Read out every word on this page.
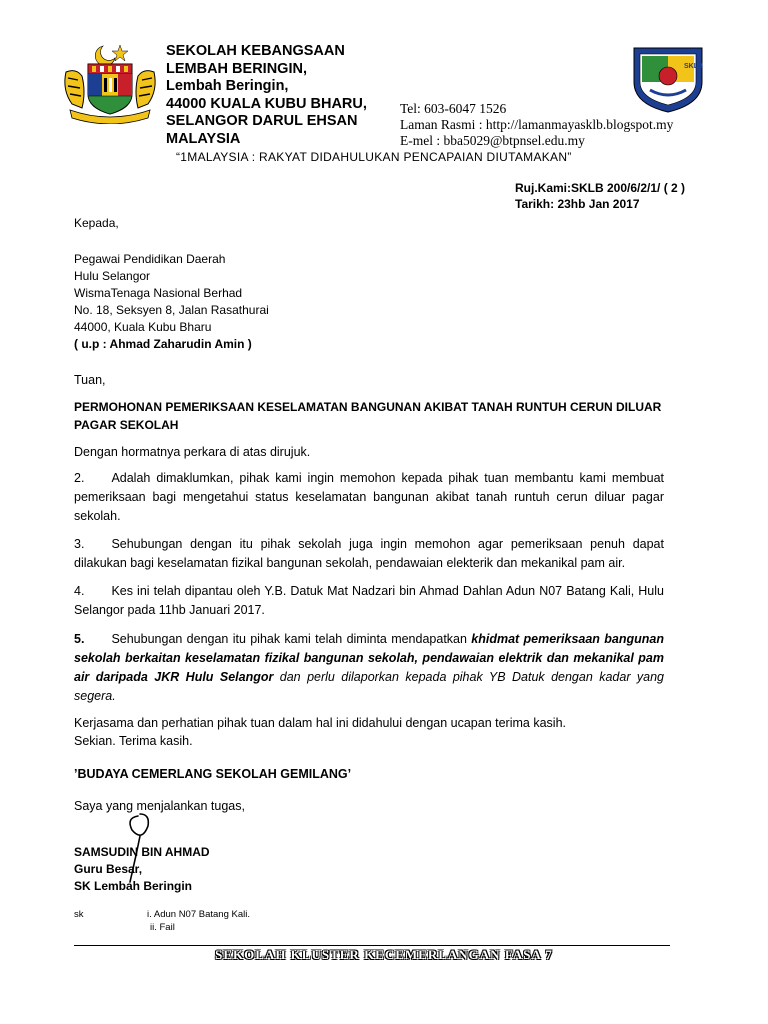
SEKOLAH KEBANGSAAN
LEMBAH BERINGIN,
Lembah Beringin,
44000 KUALA KUBU BHARU,
SELANGOR DARUL EHSAN
MALAYSIA
SKLB
Tel: 603-6047 1526
Laman Rasmi : http://lamanmayasklb.blogspot.my
E-mel : bba5029@btpnsel.edu.my
“1MALAYSIA : RAKYAT DIDAHULUKAN PENCAPAIAN DIUTAMAKAN”
Ruj.Kami:SKLB 200/6/2/1/ ( 2 )
Tarikh: 23hb Jan 2017
Kepada,
Pegawai Pendidikan Daerah
Hulu Selangor
WismaTenaga Nasional Berhad
No. 18, Seksyen 8, Jalan Rasathurai
44000, Kuala Kubu Bharu
( u.p : Ahmad Zaharudin Amin )
Tuan,
PERMOHONAN PEMERIKSAAN KESELAMATAN BANGUNAN AKIBAT TANAH RUNTUH CERUN DILUAR
PAGAR SEKOLAH
Dengan hormatnya perkara di atas dirujuk.
2. Adalah dimaklumkan, pihak kami ingin memohon kepada pihak tuan membantu kami membuat pemeriksaan bagi mengetahui status keselamatan bangunan akibat tanah runtuh cerun diluar pagar sekolah.
3. Sehubungan dengan itu pihak sekolah juga ingin memohon agar pemeriksaan penuh dapat dilakukan bagi keselamatan fizikal bangunan sekolah, pendawaian elekterik dan mekanikal pam air.
4. Kes ini telah dipantau oleh Y.B. Datuk Mat Nadzari bin Ahmad Dahlan Adun N07 Batang Kali, Hulu Selangor pada 11hb Januari 2017.
5. Sehubungan dengan itu pihak kami telah diminta mendapatkan khidmat pemeriksaan bangunan sekolah berkaitan keselamatan fizikal bangunan sekolah, pendawaian elektrik dan mekanikal pam air daripada JKR Hulu Selangor dan perlu dilaporkan kepada pihak YB Datuk dengan kadar yang segera.
Kerjasama dan perhatian pihak tuan dalam hal ini didahului dengan ucapan terima kasih.
Sekian. Terima kasih.
’BUDAYA CEMERLANG SEKOLAH GEMILANG’
Saya yang menjalankan tugas,
SAMSUDIN BIN AHMAD
Guru Besar,
SK Lembah Beringin
sk	i. Adun N07 Batang Kali.
ii. Fail
SEKOLAH KLUSTER KECEMERLANGAN FASA 7
